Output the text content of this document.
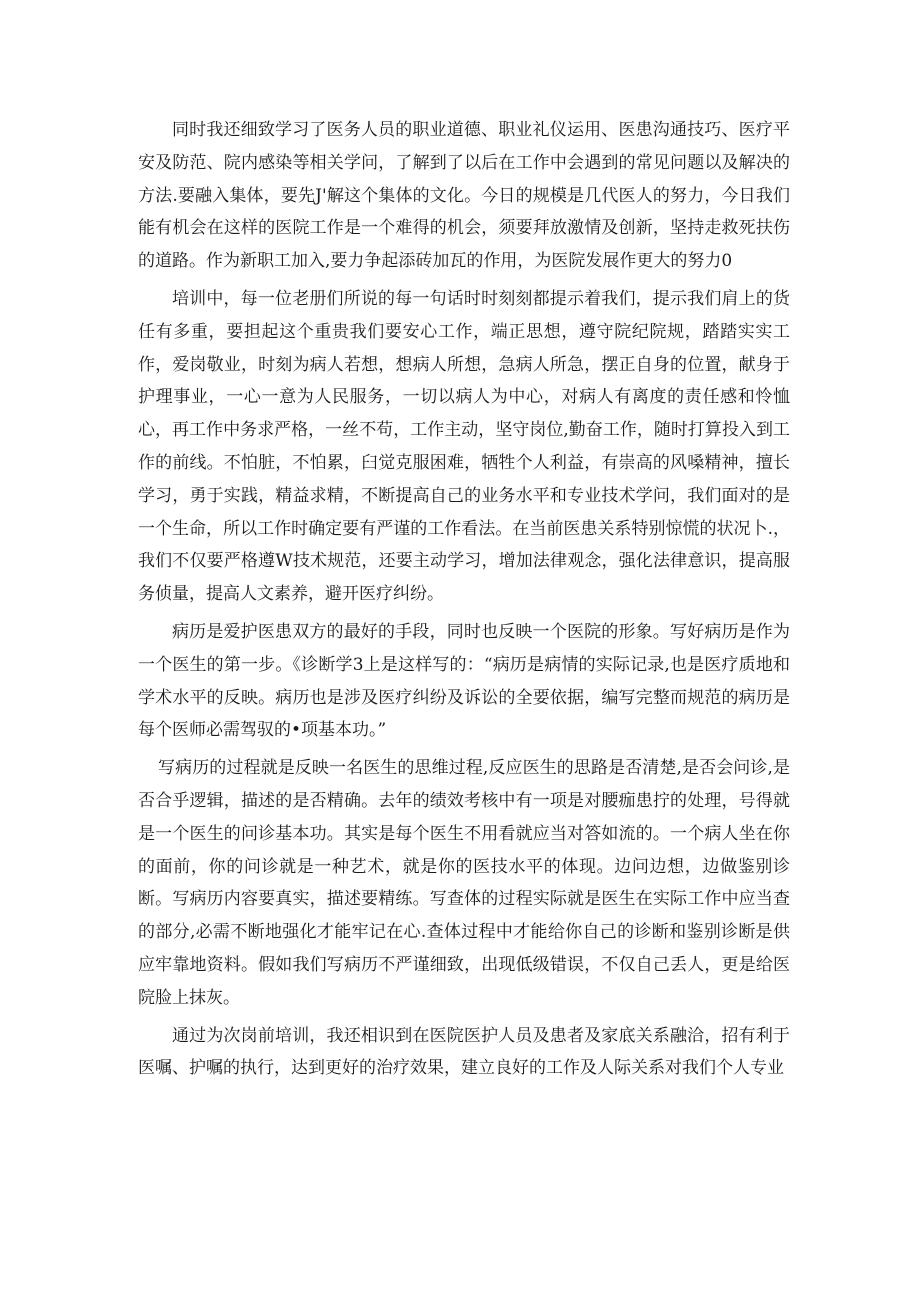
同时我还细致学习了医务人员的职业道德、职业礼仪运用、医患沟通技巧、医疗平安及防范、院内感染等相关学问，了解到了以后在工作中会遇到的常见问题以及解决的方法.要融入集体，要先J'解这个集体的文化。今日的规模是几代医人的努力，今日我们能有机会在这样的医院工作是一个难得的机会，须要拜放激情及创新，坚持走救死扶伤的道路。作为新职工加入,要力争起添砖加瓦的作用，为医院发展作更大的努力0

培训中，每一位老册们所说的每一句话时时刻刻都提示着我们，提示我们肩上的货任有多重，要担起这个重贵我们要安心工作，端正思想，遵守院纪院规，踏踏实实工作，爱岗敬业，时刻为病人若想，想病人所想，急病人所急，摆正自身的位置，献身于护理事业，一心一意为人民服务，一切以病人为中心，对病人有离度的责任感和怜恤心，再工作中务求严格，一丝不苟，工作主动，坚守岗位,勤奋工作，随时打算投入到工作的前线。不怕脏，不怕累，臼觉克服困难，牺牲个人利益，有崇高的风嗓精神，擅长学习，勇于实践，精益求精，不断提高自己的业务水平和专业技术学问，我们面对的是一个生命，所以工作时确定要有严谨的工作看法。在当前医患关系特别惊慌的状况卜.，我们不仅要严格遵W技术规范，还要主动学习，增加法律观念，强化法律意识，提高服务侦量，提高人文素养，避开医疗纠纷。

病历是爱护医患双方的最好的手段，同时也反映一个医院的形象。写好病历是作为一个医生的第一步。《诊断学3上是这样写的：“病历是病情的实际记录,也是医疗质地和学术水平的反映。病历也是涉及医疗纠纷及诉讼的全要依据，编写完整而规范的病历是每个医师必需驾驭的•项基本功。”

写病历的过程就是反映一名医生的思维过程,反应医生的思路是否清楚,是否会问诊,是否合乎逻辑，描述的是否精确。去年的绩效考核中有一项是对腰痂患拧的处理，号得就是一个医生的问诊基本功。其实是每个医生不用看就应当对答如流的。一个病人坐在你的面前，你的问诊就是一种艺术，就是你的医技水平的体现。边问边想，边做鉴别诊断。写病历内容要真实，描述要精练。写查体的过程实际就是医生在实际工作中应当查的部分,必需不断地强化才能牢记在心.查体过程中才能给你自己的诊断和鉴别诊断是供应牢靠地资料。假如我们写病历不严谨细致，出现低级错误，不仅自己丢人，更是给医院脸上抹灰。

通过为次岗前培训，我还相识到在医院医护人员及患者及家底关系融洽，招有利于医嘱、护嘱的执行，达到更好的治疗效果，建立良好的工作及人际关系对我们个人专业
